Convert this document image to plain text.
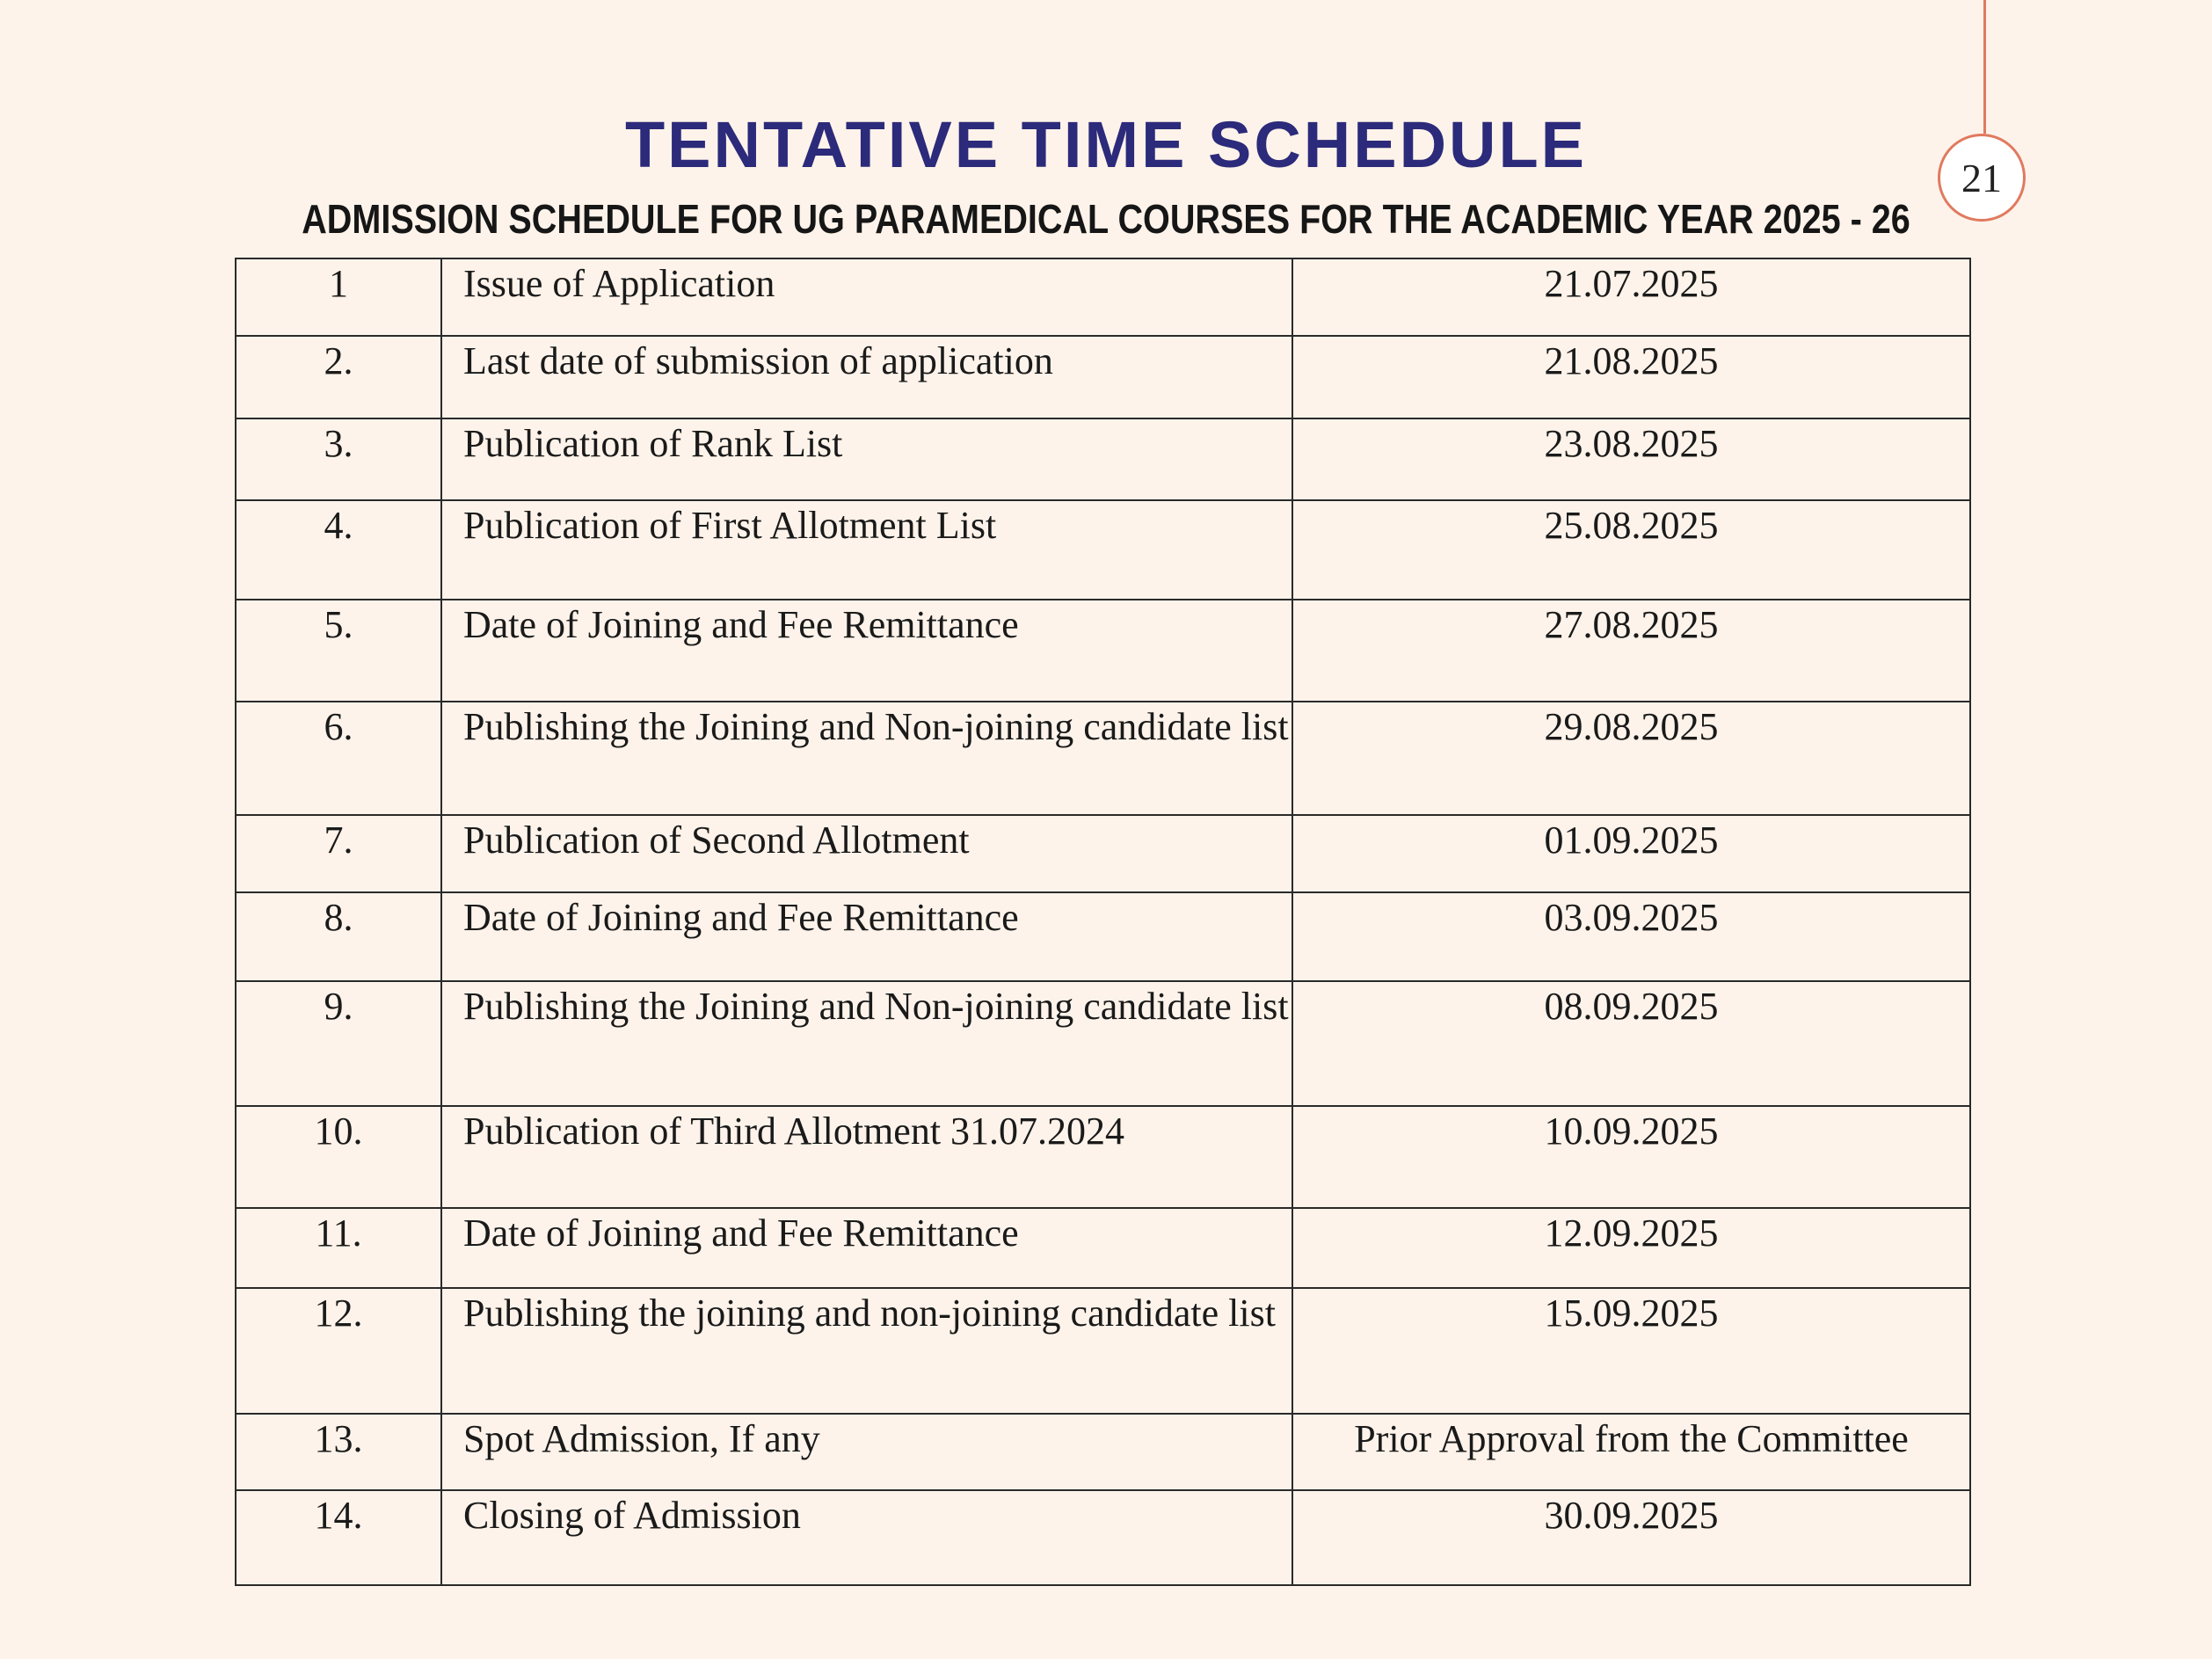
21
TENTATIVE TIME SCHEDULE
ADMISSION SCHEDULE FOR UG PARAMEDICAL COURSES FOR THE ACADEMIC YEAR 2025 - 26
1	Issue of Application	21.07.2025
2.	Last date of submission of application	21.08.2025
3.	Publication of Rank List	23.08.2025
4.	Publication of First Allotment List	25.08.2025
5.	Date of Joining and Fee Remittance	27.08.2025
6.	Publishing the Joining and Non-joining candidate list	29.08.2025
7.	Publication of Second Allotment	01.09.2025
8.	Date of Joining and Fee Remittance	03.09.2025
9.	Publishing the Joining and Non-joining candidate list	08.09.2025
10.	Publication of Third Allotment 31.07.2024	10.09.2025
11.	Date of Joining and Fee Remittance	12.09.2025
12.	Publishing the joining and non-joining candidate list	15.09.2025
13.	Spot Admission, If any	Prior Approval from the Committee
14.	Closing of Admission	30.09.2025
